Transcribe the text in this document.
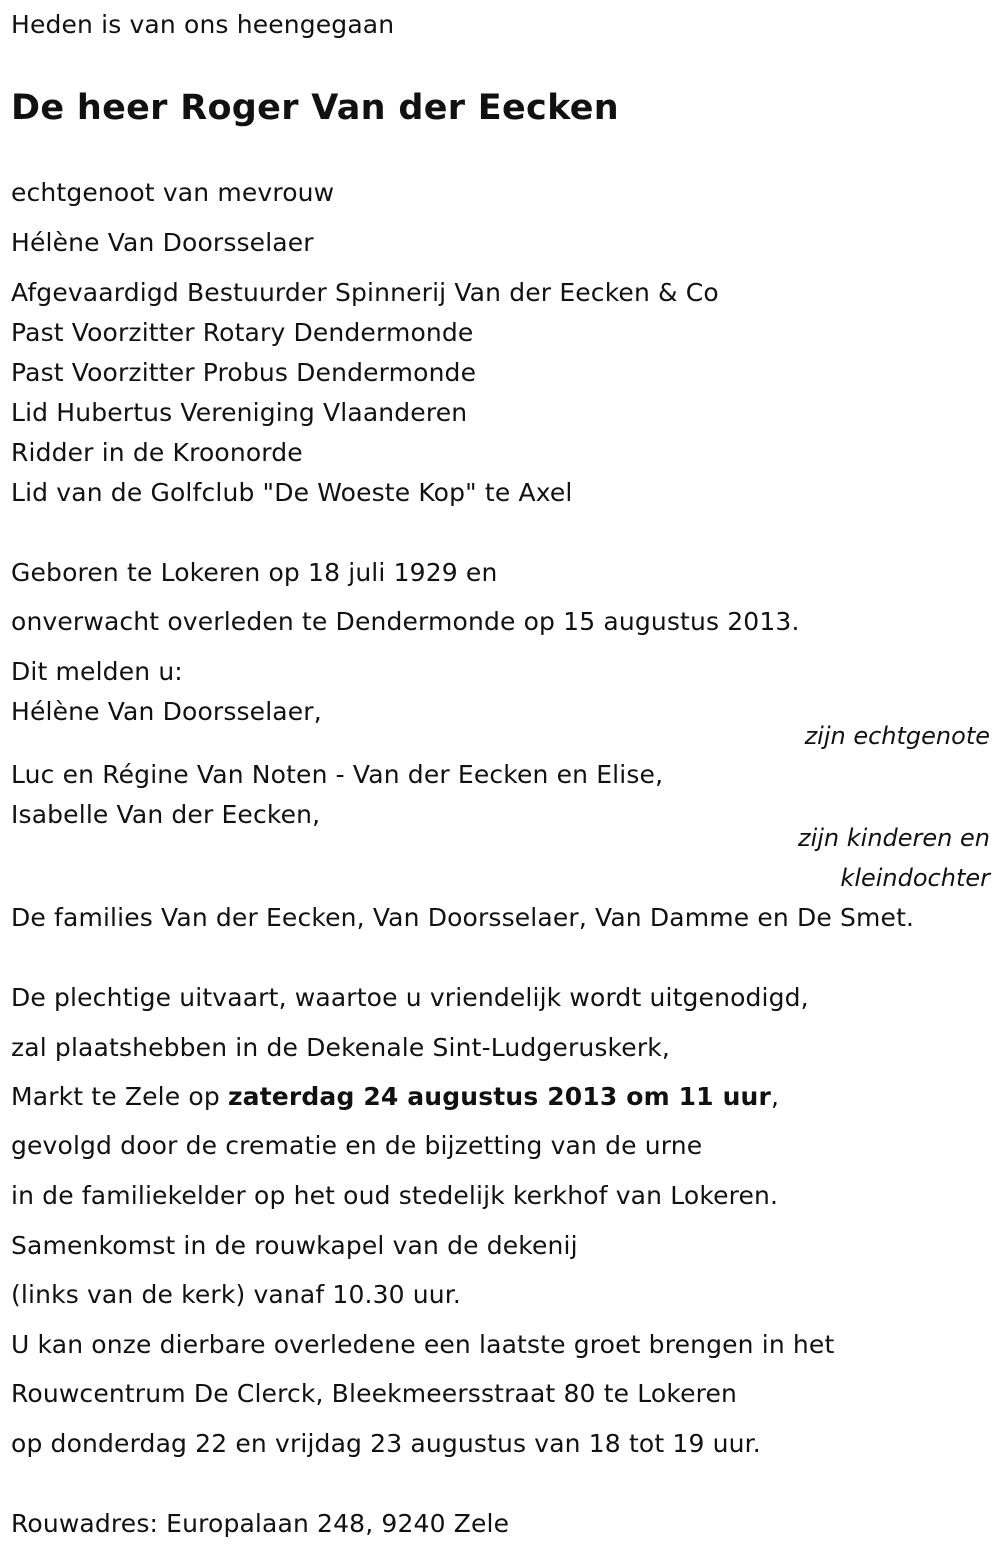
Heden is van ons heengegaan

De heer Roger Van der Eecken

echtgenoot van mevrouw

Hélène Van Doorsselaer

Afgevaardigd Bestuurder Spinnerij Van der Eecken & Co

Past Voorzitter Rotary Dendermonde

Past Voorzitter Probus Dendermonde

Lid Hubertus Vereniging Vlaanderen

Ridder in de Kroonorde

Lid van de Golfclub "De Woeste Kop" te Axel

Geboren te Lokeren op 18 juli 1929 en

onverwacht overleden te Dendermonde op 15 augustus 2013.

Dit melden u:

Hélène Van Doorsselaer,

zijn echtgenote

Luc en Régine Van Noten - Van der Eecken en Elise,

Isabelle Van der Eecken,

zijn kinderen en

kleindochter

De families Van der Eecken, Van Doorsselaer, Van Damme en De Smet.

De plechtige uitvaart, waartoe u vriendelijk wordt uitgenodigd,

zal plaatshebben in de Dekenale Sint-Ludgeruskerk,

Markt te Zele op zaterdag 24 augustus 2013 om 11 uur,

gevolgd door de crematie en de bijzetting van de urne

in de familiekelder op het oud stedelijk kerkhof van Lokeren.

Samenkomst in de rouwkapel van de dekenij

(links van de kerk) vanaf 10.30 uur.

U kan onze dierbare overledene een laatste groet brengen in het

Rouwcentrum De Clerck, Bleekmeersstraat 80 te Lokeren

op donderdag 22 en vrijdag 23 augustus van 18 tot 19 uur.

Rouwadres: Europalaan 248, 9240 Zele
